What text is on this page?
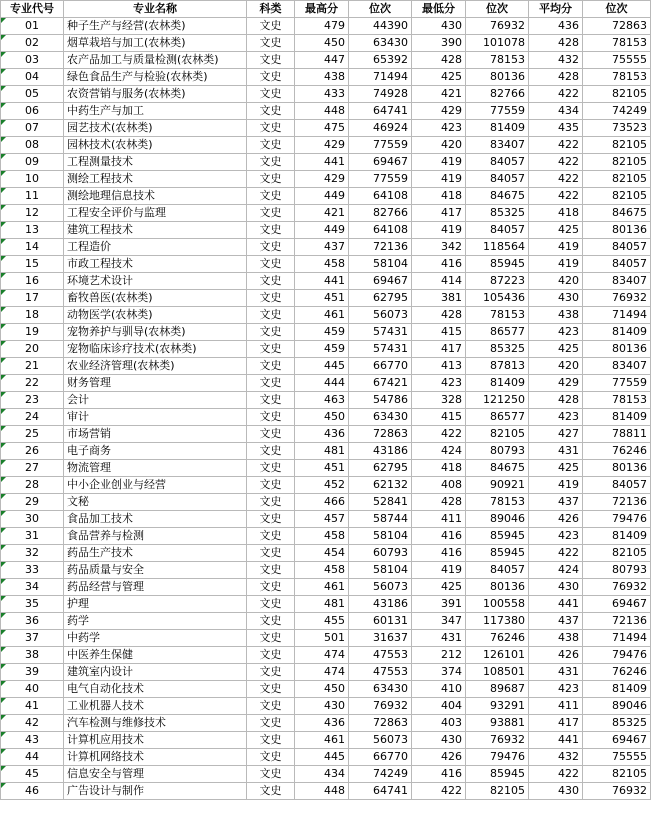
专业代号	专业名称	科类	最高分	位次	最低分	位次	平均分	位次
01	种子生产与经营(农林类)	文史	479	44390	430	76932	436	72863
02	烟草栽培与加工(农林类)	文史	450	63430	390	101078	428	78153
03	农产品加工与质量检测(农林类)	文史	447	65392	428	78153	432	75555
04	绿色食品生产与检验(农林类)	文史	438	71494	425	80136	428	78153
05	农资营销与服务(农林类)	文史	433	74928	421	82766	422	82105
06	中药生产与加工	文史	448	64741	429	77559	434	74249
07	园艺技术(农林类)	文史	475	46924	423	81409	435	73523
08	园林技术(农林类)	文史	429	77559	420	83407	422	82105
09	工程测量技术	文史	441	69467	419	84057	422	82105
10	测绘工程技术	文史	429	77559	419	84057	422	82105
11	测绘地理信息技术	文史	449	64108	418	84675	422	82105
12	工程安全评价与监理	文史	421	82766	417	85325	418	84675
13	建筑工程技术	文史	449	64108	419	84057	425	80136
14	工程造价	文史	437	72136	342	118564	419	84057
15	市政工程技术	文史	458	58104	416	85945	419	84057
16	环境艺术设计	文史	441	69467	414	87223	420	83407
17	畜牧兽医(农林类)	文史	451	62795	381	105436	430	76932
18	动物医学(农林类)	文史	461	56073	428	78153	438	71494
19	宠物养护与驯导(农林类)	文史	459	57431	415	86577	423	81409
20	宠物临床诊疗技术(农林类)	文史	459	57431	417	85325	425	80136
21	农业经济管理(农林类)	文史	445	66770	413	87813	420	83407
22	财务管理	文史	444	67421	423	81409	429	77559
23	会计	文史	463	54786	328	121250	428	78153
24	审计	文史	450	63430	415	86577	423	81409
25	市场营销	文史	436	72863	422	82105	427	78811
26	电子商务	文史	481	43186	424	80793	431	76246
27	物流管理	文史	451	62795	418	84675	425	80136
28	中小企业创业与经营	文史	452	62132	408	90921	419	84057
29	文秘	文史	466	52841	428	78153	437	72136
30	食品加工技术	文史	457	58744	411	89046	426	79476
31	食品营养与检测	文史	458	58104	416	85945	423	81409
32	药品生产技术	文史	454	60793	416	85945	422	82105
33	药品质量与安全	文史	458	58104	419	84057	424	80793
34	药品经营与管理	文史	461	56073	425	80136	430	76932
35	护理	文史	481	43186	391	100558	441	69467
36	药学	文史	455	60131	347	117380	437	72136
37	中药学	文史	501	31637	431	76246	438	71494
38	中医养生保健	文史	474	47553	212	126101	426	79476
39	建筑室内设计	文史	474	47553	374	108501	431	76246
40	电气自动化技术	文史	450	63430	410	89687	423	81409
41	工业机器人技术	文史	430	76932	404	93291	411	89046
42	汽车检测与维修技术	文史	436	72863	403	93881	417	85325
43	计算机应用技术	文史	461	56073	430	76932	441	69467
44	计算机网络技术	文史	445	66770	426	79476	432	75555
45	信息安全与管理	文史	434	74249	416	85945	422	82105
46	广告设计与制作	文史	448	64741	422	82105	430	76932
